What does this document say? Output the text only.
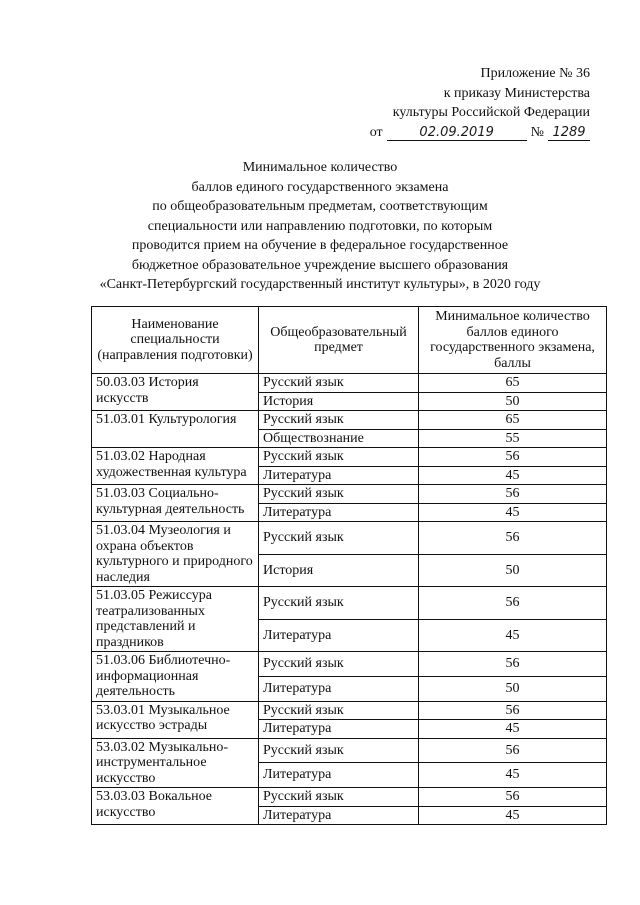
Приложение № 36
к приказу Министерства
культуры Российской Федерации
от	02.09.2019	№ 1289
Минимальное количество
баллов единого государственного экзамена
по общеобразовательным предметам, соответствующим
специальности или направлению подготовки, по которым
проводится прием на обучение в федеральное государственное
бюджетное образовательное учреждение высшего образования
«Санкт-Петербургский государственный институт культуры», в 2020 году
Наименование специальности (направления подготовки)	Общеобразовательный предмет	Минимальное количество баллов единого государственного экзамена, баллы
50.03.03 История искусств	Русский язык	65
	История	50
51.03.01 Культурология	Русский язык	65
	Обществознание	55
51.03.02 Народная художественная культура	Русский язык	56
	Литература	45
51.03.03 Социально-культурная деятельность	Русский язык	56
	Литература	45
51.03.04 Музеология и охрана объектов культурного и природного наследия	Русский язык	56
	История	50
51.03.05 Режиссура театрализованных представлений и праздников	Русский язык	56
	Литература	45
51.03.06 Библиотечно-информационная деятельность	Русский язык	56
	Литература	50
53.03.01 Музыкальное искусство эстрады	Русский язык	56
	Литература	45
53.03.02 Музыкально-инструментальное искусство	Русский язык	56
	Литература	45
53.03.03 Вокальное искусство	Русский язык	56
	Литература	45
